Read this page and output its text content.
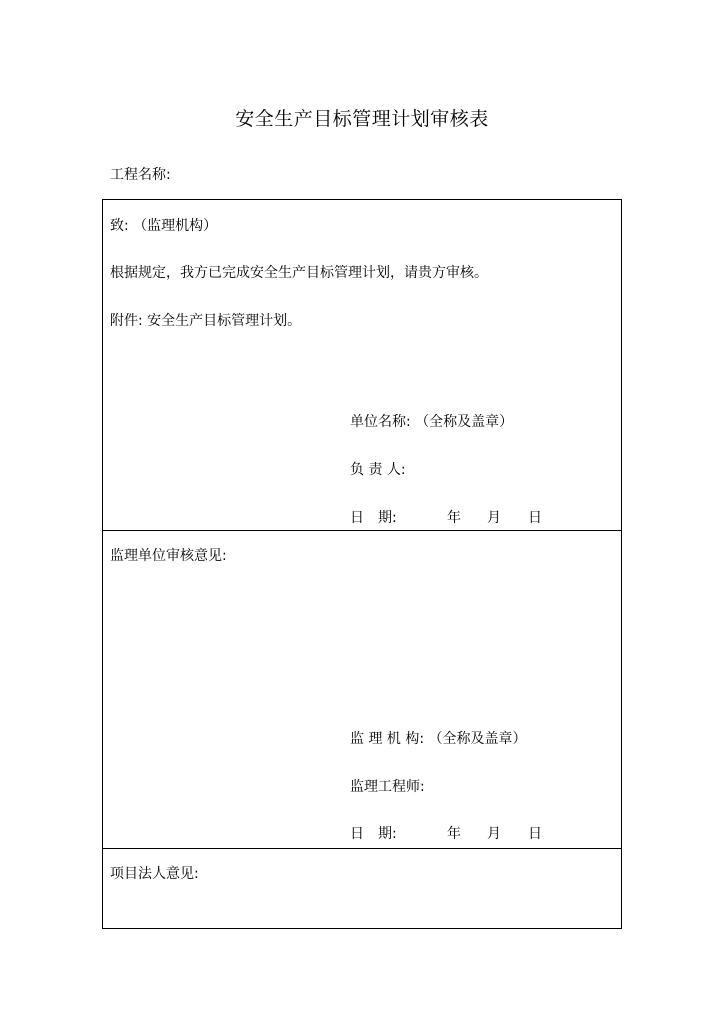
安全生产目标管理计划审核表
工程名称:
致: （监理机构）
根据规定，我方已完成安全生产目标管理计划，请贵方审核。
附件: 安全生产目标管理计划。
单位名称: （全称及盖章）
负 责 人:
日　期:	年 月 日
监理单位审核意见:
监 理 机 构: （全称及盖章）
监理工程师:
日　期:	年 月 日
项目法人意见:
